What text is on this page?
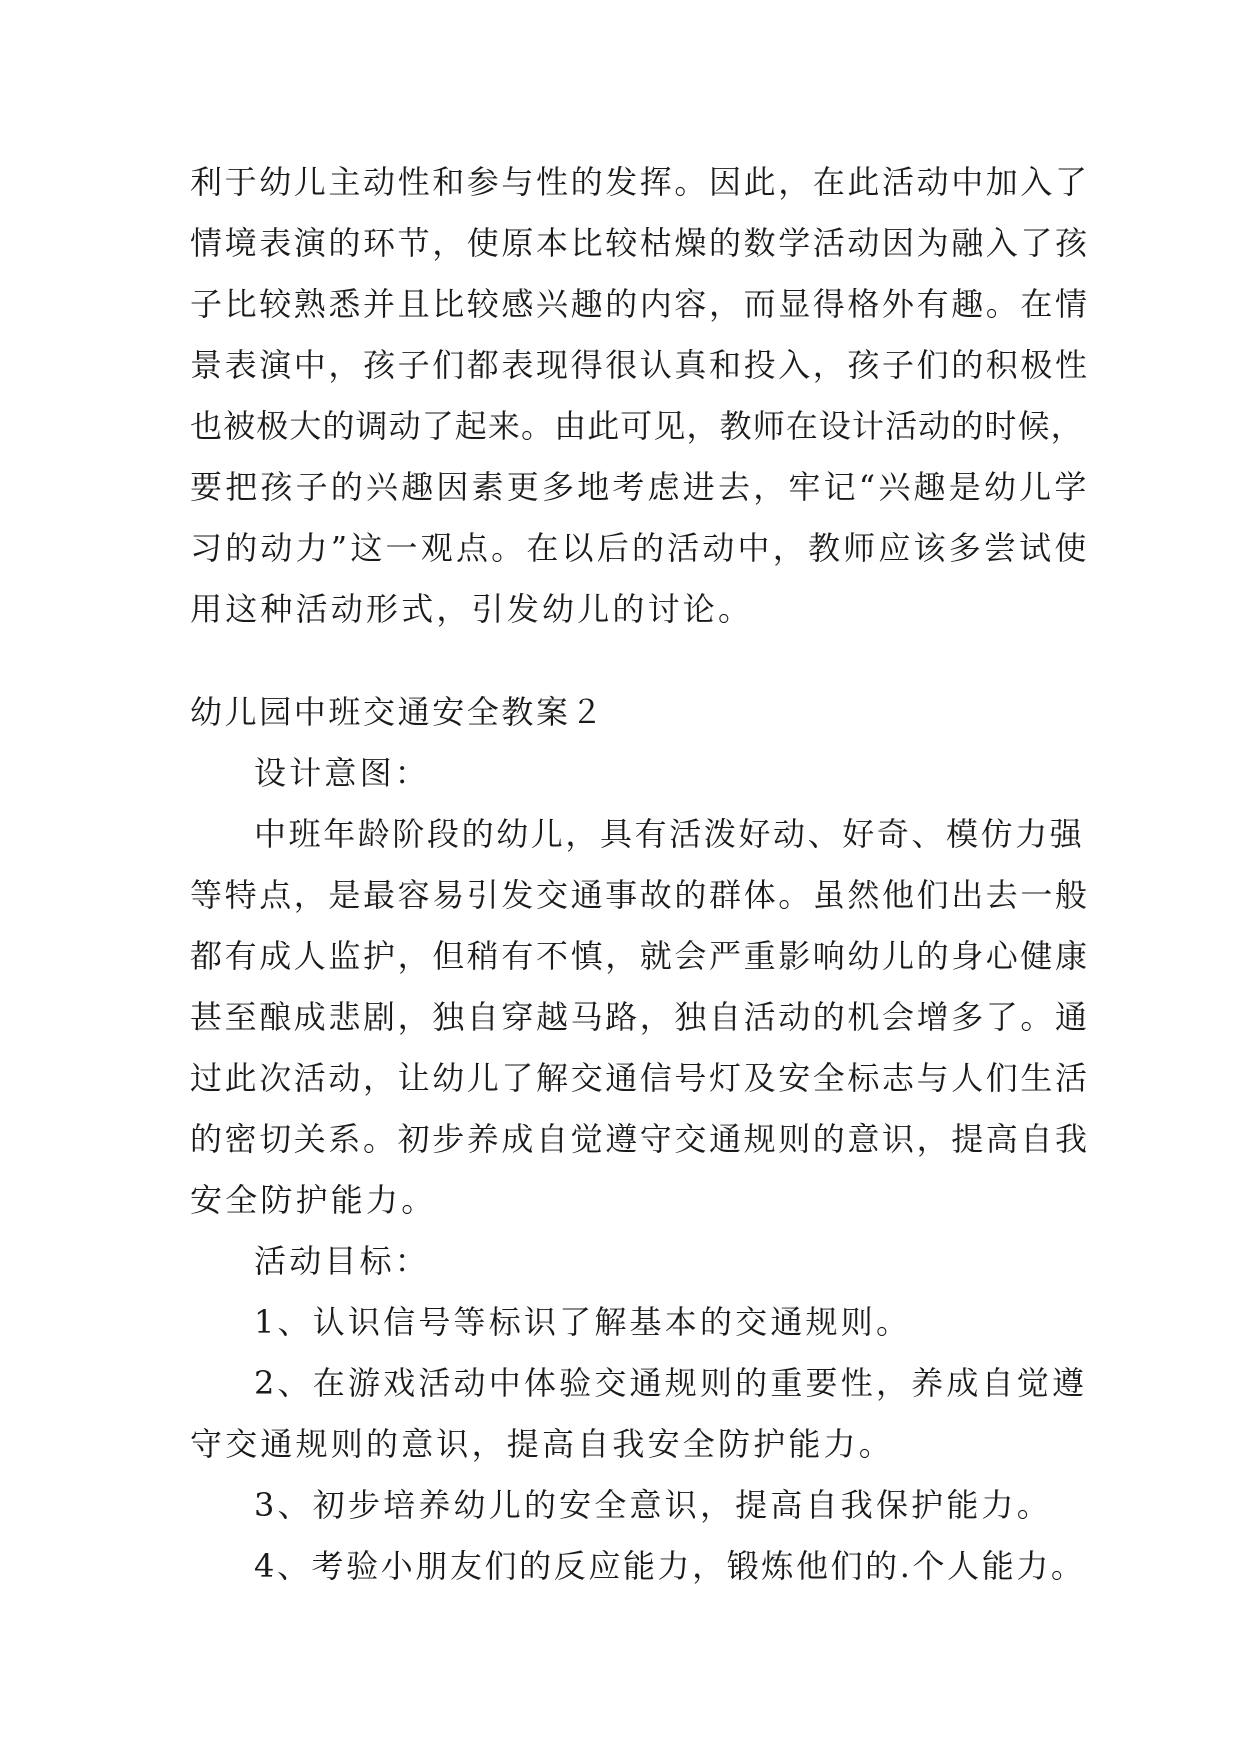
利于幼儿主动性和参与性的发挥。因此，在此活动中加入了
情境表演的环节，使原本比较枯燥的数学活动因为融入了孩
子比较熟悉并且比较感兴趣的内容，而显得格外有趣。在情
景表演中，孩子们都表现得很认真和投入，孩子们的积极性
也被极大的调动了起来。由此可见，教师在设计活动的时候，
要把孩子的兴趣因素更多地考虑进去，牢记“兴趣是幼儿学
习的动力”这一观点。在以后的活动中，教师应该多尝试使
用这种活动形式，引发幼儿的讨论。
幼儿园中班交通安全教案２
设计意图：
中班年龄阶段的幼儿，具有活泼好动、好奇、模仿力强
等特点，是最容易引发交通事故的群体。虽然他们出去一般
都有成人监护，但稍有不慎，就会严重影响幼儿的身心健康
甚至酿成悲剧，独自穿越马路，独自活动的机会增多了。通
过此次活动，让幼儿了解交通信号灯及安全标志与人们生活
的密切关系。初步养成自觉遵守交通规则的意识，提高自我
安全防护能力。
活动目标：
1、认识信号等标识了解基本的交通规则。
2、在游戏活动中体验交通规则的重要性，养成自觉遵
守交通规则的意识，提高自我安全防护能力。
3、初步培养幼儿的安全意识，提高自我保护能力。
4、考验小朋友们的反应能力，锻炼他们的.个人能力。
